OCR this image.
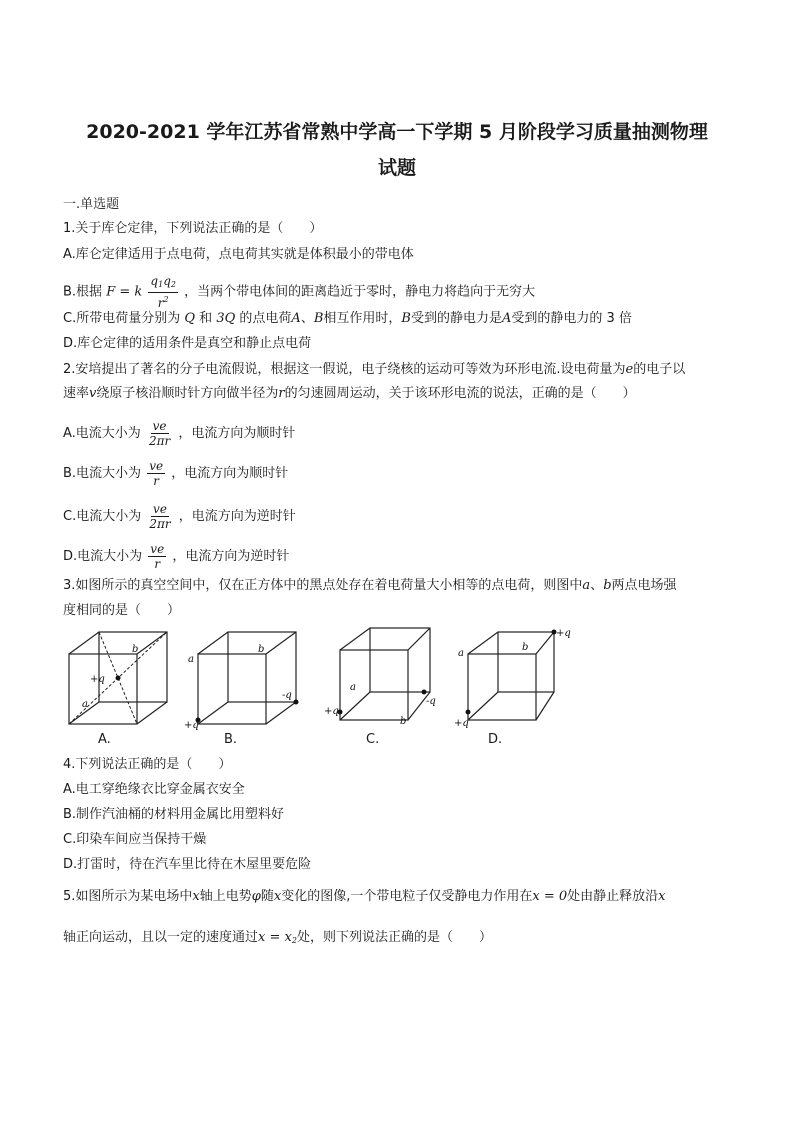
2020-2021 学年江苏省常熟中学高一下学期 5 月阶段学习质量抽测物理
试题
一.单选题
1.关于库仑定律，下列说法正确的是（　　）
A.库仑定律适用于点电荷，点电荷其实就是体积最小的带电体
B.根据 F = k $\frac{q_1q_2}{r^2}$ ，当两个带电体间的距离趋近于零时，静电力将趋向于无穷大
C.所带电荷量分别为 Q 和 3Q 的点电荷A、B相互作用时，B受到的静电力是A受到的静电力的 3 倍
D.库仑定律的适用条件是真空和静止点电荷
2.安培提出了著名的分子电流假说，根据这一假说，电子绕核的运动可等效为环形电流.设电荷量为e的电子以
速率v绕原子核沿顺时针方向做半径为r的匀速圆周运动，关于该环形电流的说法，正确的是（　　）
A.电流大小为 $\frac{ve}{2\pi r}$ ，电流方向为顺时针
B.电流大小为 $\frac{ve}{r}$ ，电流方向为顺时针
C.电流大小为 $\frac{ve}{2\pi r}$ ，电流方向为逆时针
D.电流大小为 $\frac{ve}{r}$ ，电流方向为逆时针
3.如图所示的真空空间中，仅在正方体中的黑点处存在着电荷量大小相等的点电荷，则图中a、b两点电场强
度相同的是（　　）
+q
a
b
+q
a
b
-q
+q
a
b
-q
+q
+q
a
b
A.	B.	C.	D.
4.下列说法正确的是（　　）
A.电工穿绝缘衣比穿金属衣安全
B.制作汽油桶的材料用金属比用塑料好
C.印染车间应当保持干燥
D.打雷时，待在汽车里比待在木屋里要危险
5.如图所示为某电场中x轴上电势φ随x变化的图像,一个带电粒子仅受静电力作用在x = 0处由静止释放沿x
轴正向运动，且以一定的速度通过$x = x_2$处，则下列说法正确的是（　　）
